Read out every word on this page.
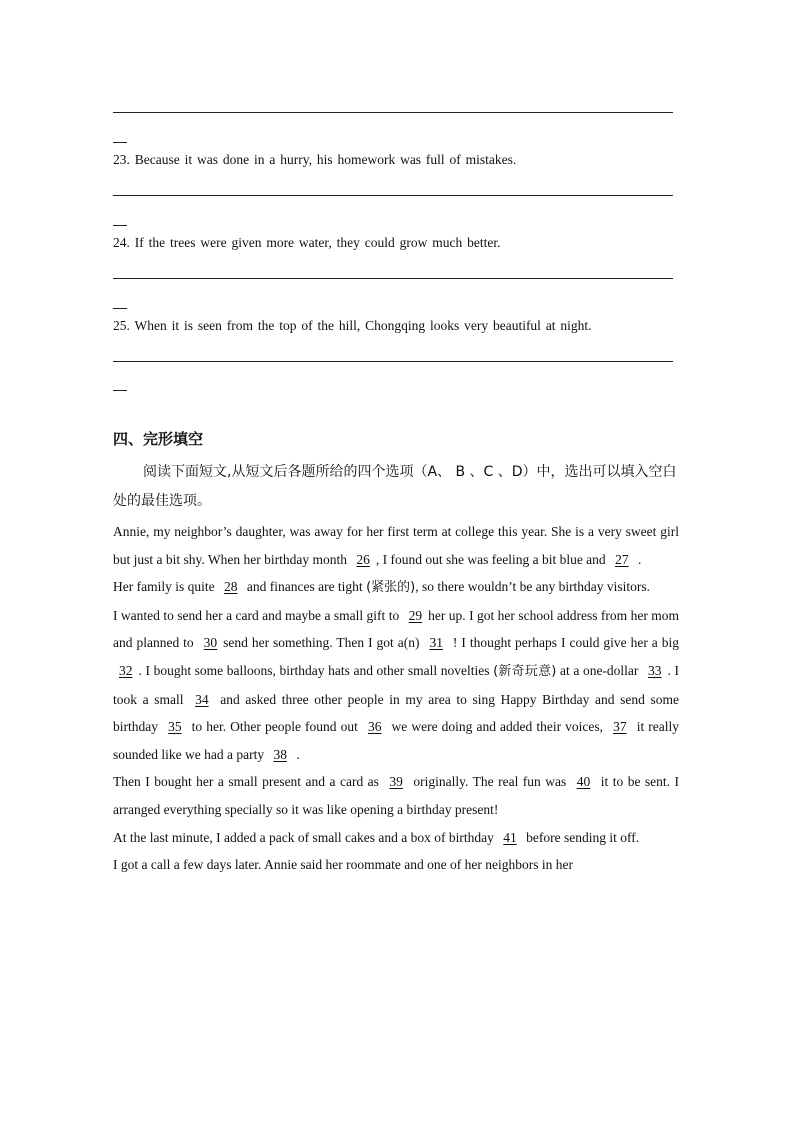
23. Because it was done in a hurry, his homework was full of mistakes.
24. If the trees were given more water, they could grow much better.
25. When it is seen from the top of the hill, Chongqing looks very beautiful at night.
四、完形填空
阅读下面短文,从短文后各题所给的四个选项（A、 B 、C 、D）中，选出可以填入空白处的最佳选项。

Annie, my neighbor’s daughter, was away for her first term at college this year. She is a very sweet girl but just a bit shy. When her birthday month 26 , I found out she was feeling a bit blue and 27 .

Her family is quite 28 and finances are tight (紧张的), so there wouldn’t be any birthday visitors.

I wanted to send her a card and maybe a small gift to 29 her up. I got her school address from her mom and planned to 30 send her something. Then I got a(n) 31 ! I thought perhaps I could give her a big 32 . I bought some balloons, birthday hats and other small novelties (新奇玩意) at a one-dollar 33 . I took a small 34 and asked three other people in my area to sing Happy Birthday and send some birthday 35 to her. Other people found out 36 we were doing and added their voices, 37 it really sounded like we had a party 38 .

Then I bought her a small present and a card as 39 originally. The real fun was 40 it to be sent. I arranged everything specially so it was like opening a birthday present!

At the last minute, I added a pack of small cakes and a box of birthday 41 before sending it off.

I got a call a few days later. Annie said her roommate and one of her neighbors in her
